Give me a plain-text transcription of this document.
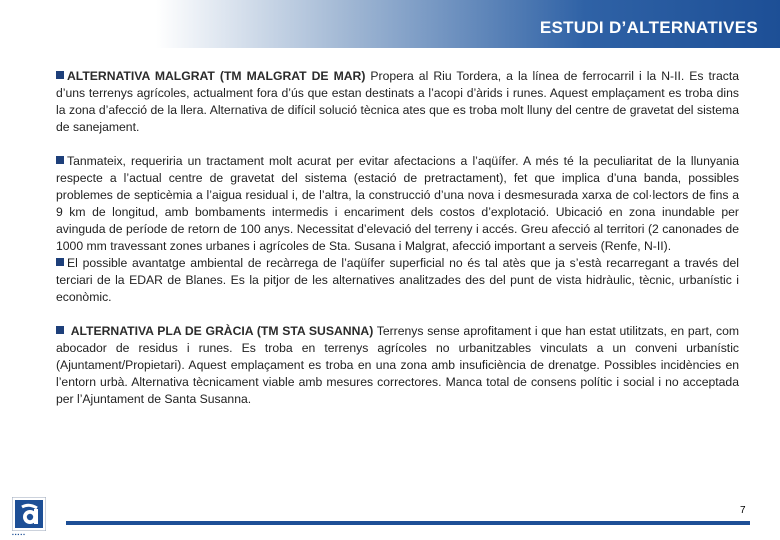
ESTUDI D’ALTERNATIVES

ALTERNATIVA MALGRAT (TM MALGRAT DE MAR) Propera al Riu Tordera, a la línea de ferrocarril i la N-II. Es tracta d’uns terrenys agrícoles, actualment fora d’ús que estan destinats a l’acopi d’àrids i runes. Aquest emplaçament es troba dins la zona d’afecció de la llera. Alternativa de difícil solució tècnica ates que es troba molt lluny del centre de gravetat del sistema de sanejament.

Tanmateix, requeriria un tractament molt acurat per evitar afectacions a l’aqüífer. A més té la peculiaritat de la llunyania respecte a l’actual centre de gravetat del sistema (estació de pretractament), fet que implica d’una banda, possibles problemes de septicèmia a l’aigua residual i, de l’altra, la construcció d’una nova i desmesurada xarxa de col·lectors de fins a 9 km de longitud, amb bombaments intermedis i encariment dels costos d’explotació. Ubicació en zona inundable per avinguda de període de retorn de 100 anys. Necessitat d’elevació del terreny i accés. Greu afecció al territori (2 canonades de 1000 mm travessant zones urbanes i agrícoles de Sta. Susana i Malgrat, afecció important a serveis (Renfe, N-II).

El possible avantatge ambiental de recàrrega de l’aqüífer superficial no és tal atès que ja s’està recarregant a través del terciari de la EDAR de Blanes. Es la pitjor de les alternatives analitzades des del punt de vista hidràulic, tècnic, urbanístic i econòmic.

ALTERNATIVA PLA DE GRÀCIA (TM STA SUSANNA) Terrenys sense aprofitament i que han estat utilitzats, en part, com abocador de residus i runes. Es troba en terrenys agrícoles no urbanitzables vinculats a un conveni urbanístic (Ajuntament/Propietari). Aquest emplaçament es troba en una zona amb insuficiència de drenatge. Possibles incidències en l’entorn urbà. Alternativa tècnicament viable amb mesures correctores. Manca total de consens polític i social i no acceptada per l’Ajuntament de Santa Susanna.

▪▪▪▪▪
7
